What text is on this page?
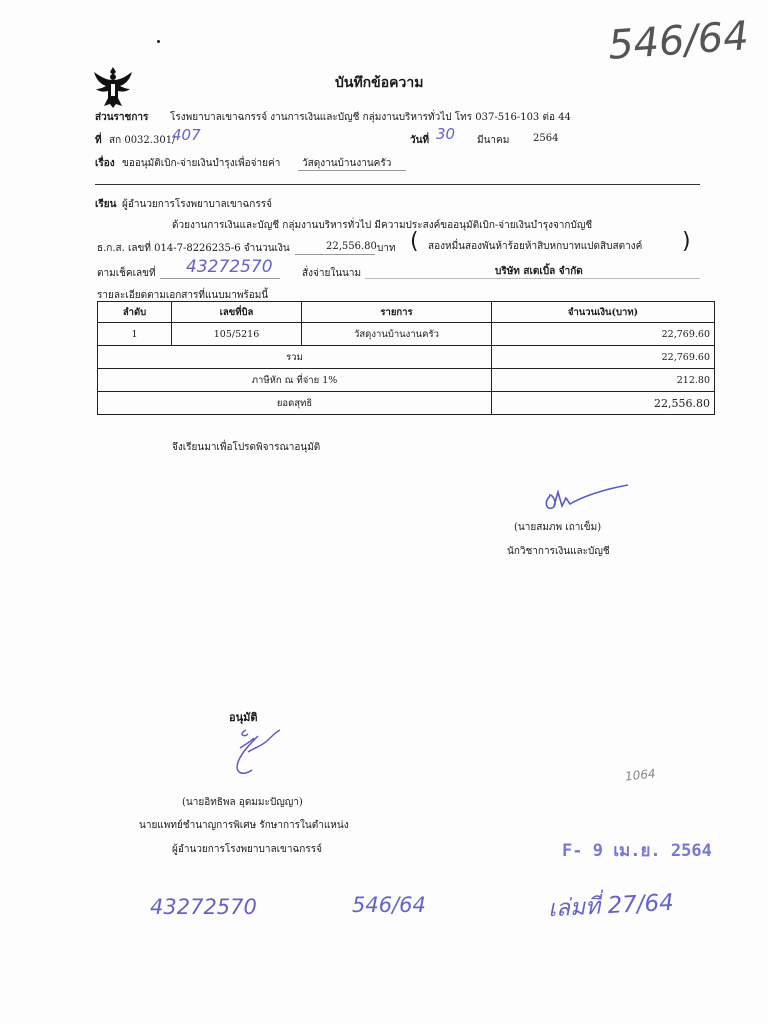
546/64
บันทึกข้อความ
ส่วนราชการ โรงพยาบาลเขาฉกรรจ์ งานการเงินและบัญชี กลุ่มงานบริหารทั่วไป โทร 037-516-103 ต่อ 44
ที่ สก 0032.301/
407	วันที่ 30 มีนาคม 2564
เรื่อง ขออนุมัติเบิก-จ่ายเงินบำรุงเพื่อจ่ายค่า วัสดุงานบ้านงานครัว
เรียน ผู้อำนวยการโรงพยาบาลเขาฉกรรจ์
ด้วยงานการเงินและบัญชี กลุ่มงานบริหารทั่วไป มีความประสงค์ขออนุมัติเบิก-จ่ายเงินบำรุงจากบัญชี
ธ.ก.ส. เลขที่ 014-7-8226235-6 จำนวนเงิน	22,556.80 บาท ( สองหมื่นสองพันห้าร้อยห้าสิบหกบาทแปดสิบสตางค์ )
ตามเช็คเลขที่ 43272570	สั่งจ่ายในนาม	บริษัท สเตเบิ้ล จำกัด
รายละเอียดตามเอกสารที่แนบมาพร้อมนี้
ลำดับ	เลขที่บิล	รายการ	จำนวนเงิน(บาท)
1	105/5216	วัสดุงานบ้านงานครัว	22,769.60
รวม			22,769.60
ภาษีหัก ณ ที่จ่าย 1%			212.80
ยอดสุทธิ			22,556.80
จึงเรียนมาเพื่อโปรดพิจารณาอนุมัติ
(นายสมภพ เถาเข็ม)
นักวิชาการเงินและบัญชี
อนุมัติ
(นายอิทธิพล อุดมมะปัญญา)
นายแพทย์ชำนาญการพิเศษ รักษาการในตำแหน่ง
ผู้อำนวยการโรงพยาบาลเขาฉกรรจ์
1064
F- 9 เม.ย. 2564
43272570	546/64	เล่มที่ 27/64
